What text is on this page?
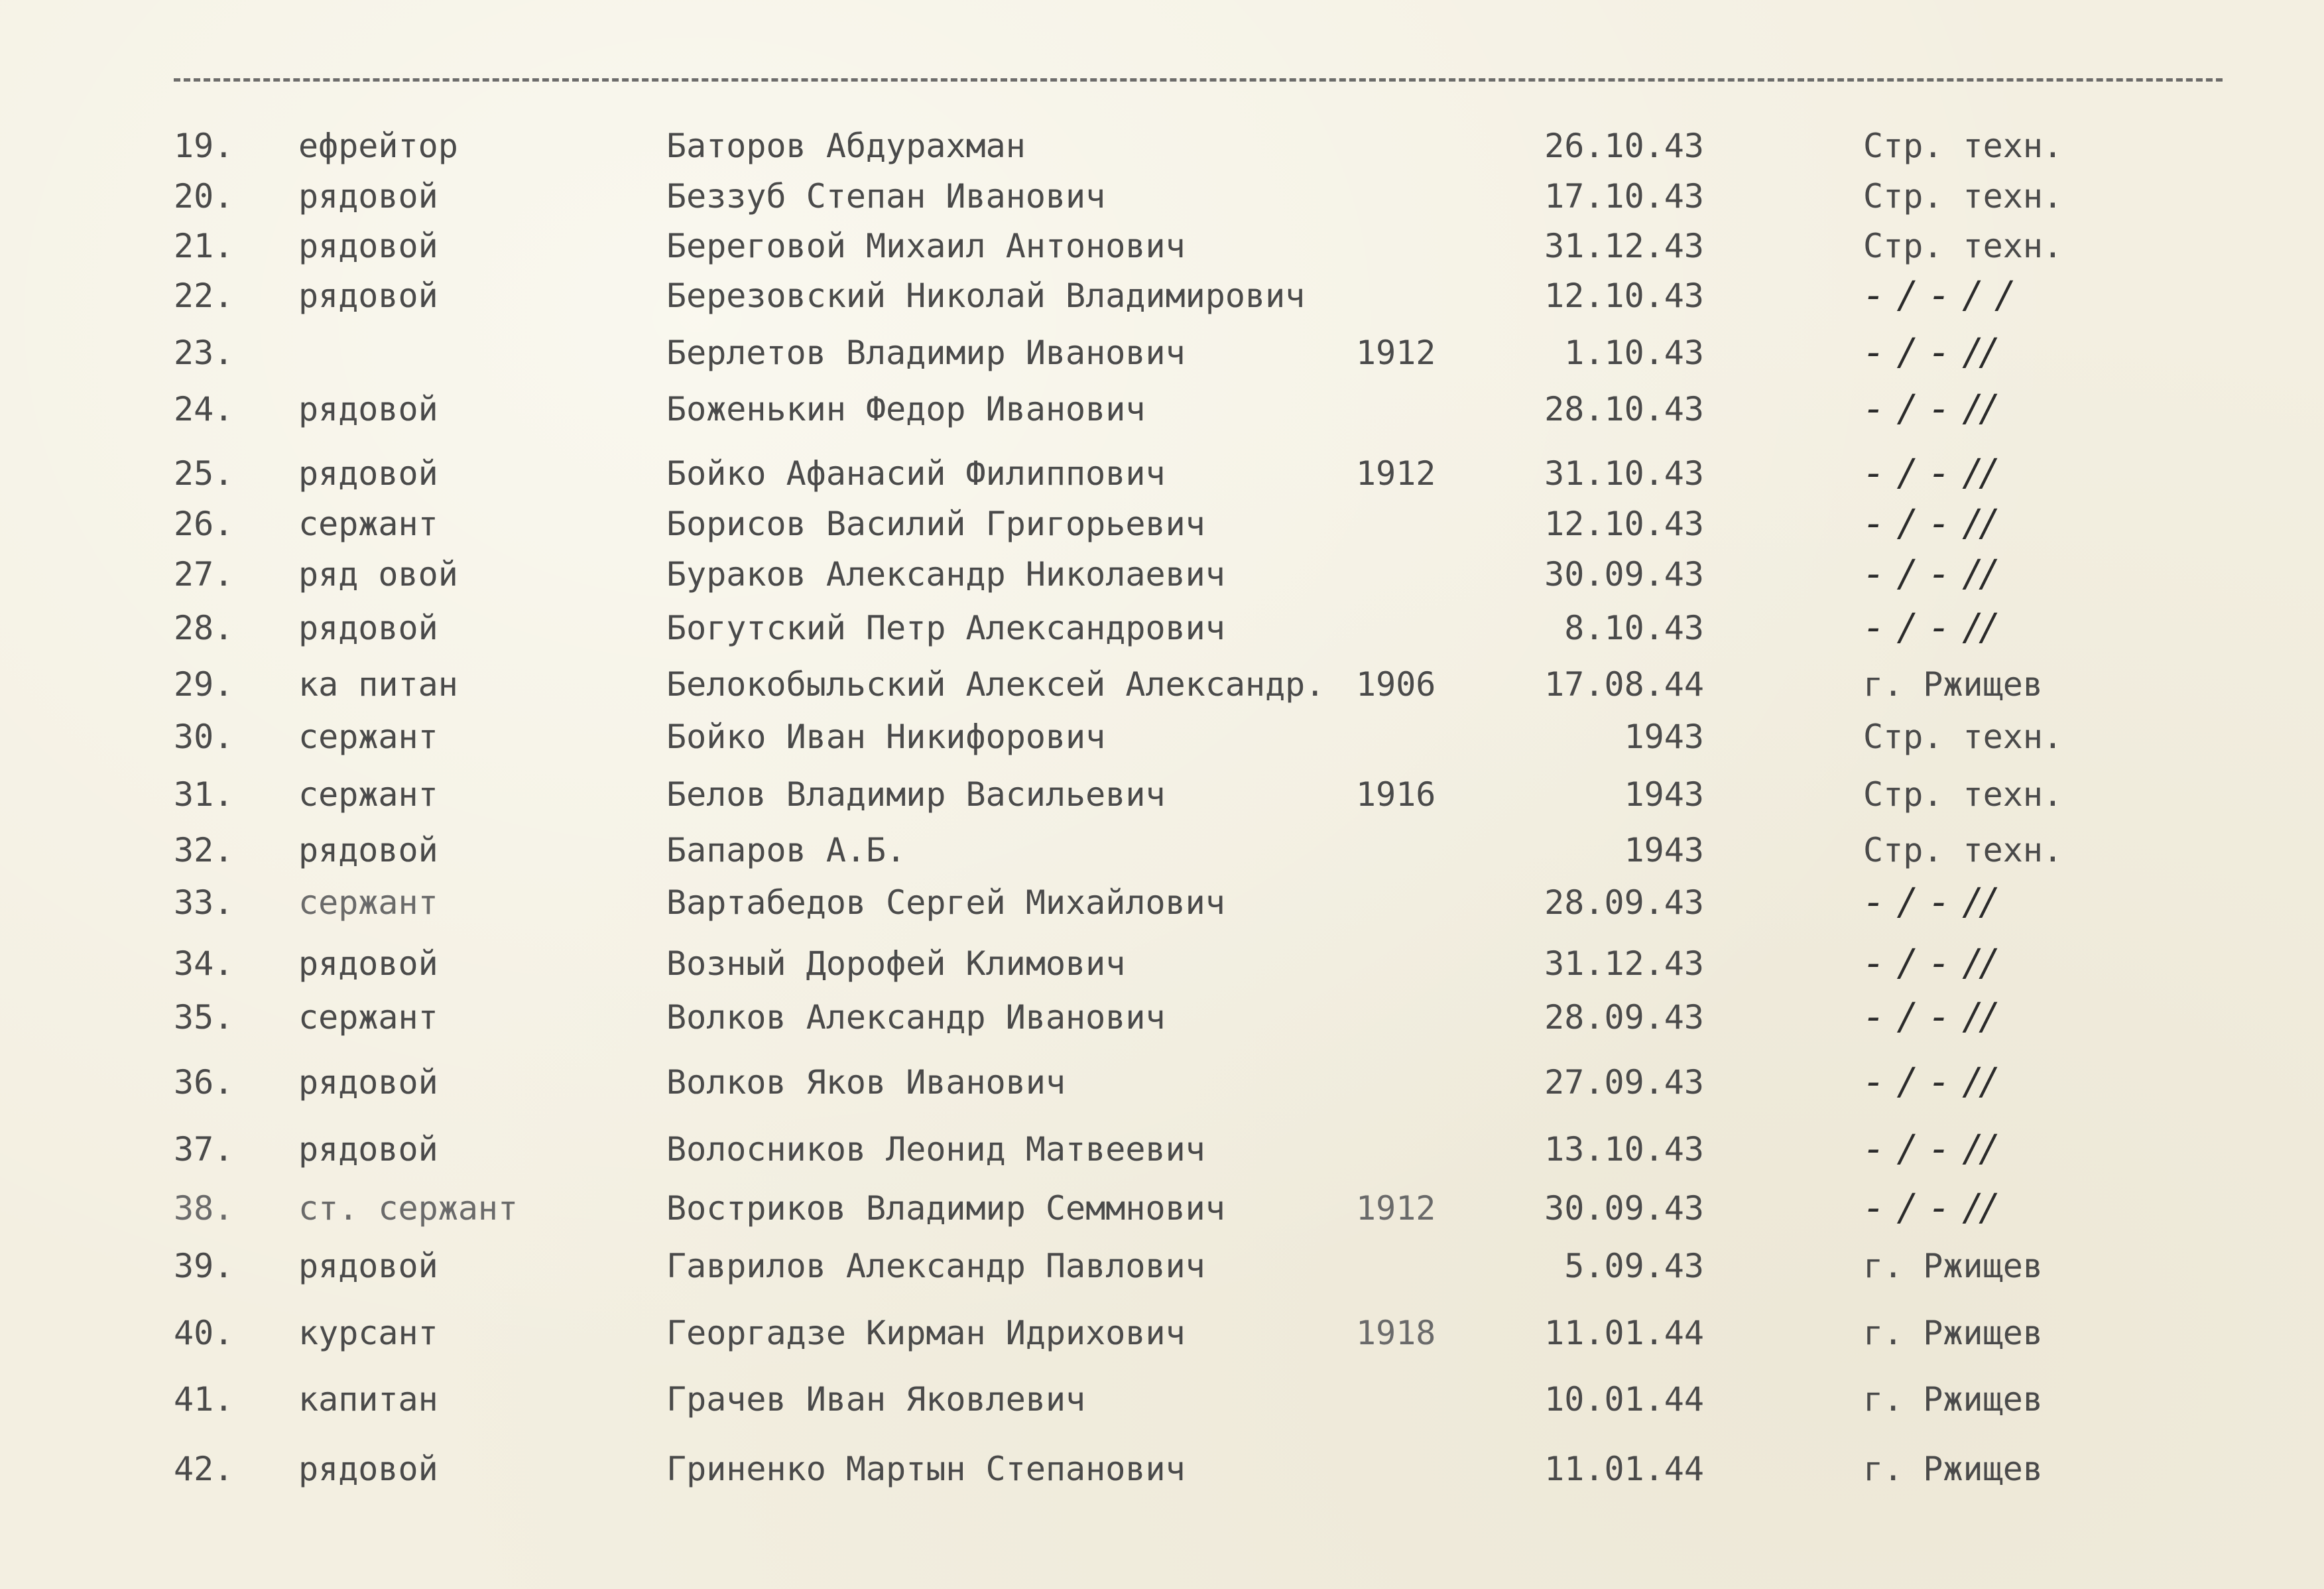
19. ефрейтор	Баторов Абдурахман	26.10.43	Стр. техн.
20. рядовой	Беззуб Степан Иванович	17.10.43	Стр. техн.
21. рядовой	Береговой Михаил Антонович	31.12.43	Стр. техн.
22. рядовой	Березовский Николай Владимирович	12.10.43	- / - / /
23.	Берлетов Владимир Иванович	1912	1.10.43	- / - //
24. рядовой	Боженькин Федор Иванович	28.10.43	- / - //
25. рядовой	Бойко Афанасий Филиппович	1912	31.10.43	- / - //
26. сержант	Борисов Василий Григорьевич	12.10.43	- / - //
27. ряд овой	Бураков Александр Николаевич	30.09.43	- / - //
28. рядовой	Богутский Петр Александрович	8.10.43	- / - //
29. ка питан	Белокобыльский Алексей Александр. 1906	17.08.44	г. Ржищев
30. сержант	Бойко Иван Никифорович	1943	Стр. техн.
31. сержант	Белов Владимир Васильевич	1916	1943	Стр. техн.
32. рядовой	Бапаров А.Б.	1943	Стр. техн.
33. сержант	Вартабедов Сергей Михайлович	28.09.43	- / - //
34. рядовой	Возный Дорофей Климович	31.12.43	- / - //
35. сержант	Волков Александр Иванович	28.09.43	- / - //
36. рядовой	Волков Яков Иванович	27.09.43	- / - //
37. рядовой	Волосников Леонид Матвеевич	13.10.43	- / - //
38. ст. сержант	Востриков Владимир Семмнович	1912	30.09.43	- / - //
39. рядовой	Гаврилов Александр Павлович	5.09.43	г. Ржищев
40. курсант	Георгадзе Кирман Идрихович	1918	11.01.44	г. Ржищев
41. капитан	Грачев Иван Яковлевич	10.01.44	г. Ржищев
42. рядовой	Гриненко Мартын Степанович	11.01.44	г. Ржищев
